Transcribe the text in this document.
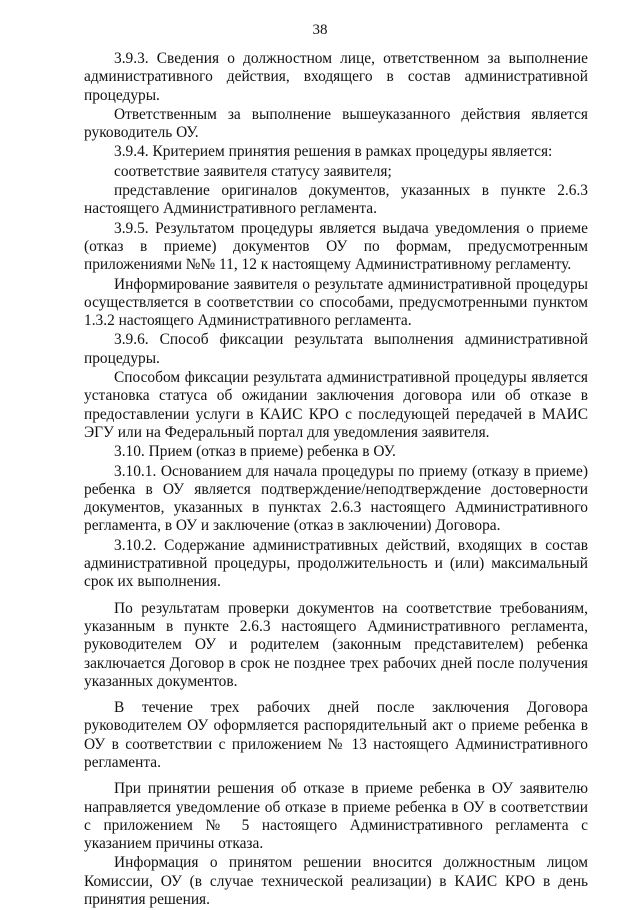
38

3.9.3. Сведения о должностном лице, ответственном за выполнение административного действия, входящего в состав административной процедуры.

Ответственным за выполнение вышеуказанного действия является руководитель ОУ.

3.9.4. Критерием принятия решения в рамках процедуры является:

соответствие заявителя статусу заявителя;

представление оригиналов документов, указанных в пункте 2.6.3 настоящего Административного регламента.

3.9.5. Результатом процедуры является выдача уведомления о приеме (отказ в приеме) документов ОУ по формам, предусмотренным приложениями №№ 11, 12 к настоящему Административному регламенту.

Информирование заявителя о результате административной процедуры осуществляется в соответствии со способами, предусмотренными пунктом 1.3.2 настоящего Административного регламента.

3.9.6. Способ фиксации результата выполнения административной процедуры.

Способом фиксации результата административной процедуры является установка статуса об ожидании заключения договора или об отказе в предоставлении услуги в КАИС КРО с последующей передачей в МАИС ЭГУ или на Федеральный портал для уведомления заявителя.

3.10. Прием (отказ в приеме) ребенка в ОУ.

3.10.1. Основанием для начала процедуры по приему (отказу в приеме) ребенка в ОУ является подтверждение/неподтверждение достоверности документов, указанных в пунктах 2.6.3 настоящего Административного регламента, в ОУ и заключение (отказ в заключении) Договора.

3.10.2. Содержание административных действий, входящих в состав административной процедуры, продолжительность и (или) максимальный срок их выполнения.

По результатам проверки документов на соответствие требованиям, указанным в пункте 2.6.3 настоящего Административного регламента, руководителем ОУ и родителем (законным представителем) ребенка заключается Договор в срок не позднее трех рабочих дней после получения указанных документов.

В течение трех рабочих дней после заключения Договора руководителем ОУ оформляется распорядительный акт о приеме ребенка в ОУ в соответствии с приложением № 13 настоящего Административного регламента.

При принятии решения об отказе в приеме ребенка в ОУ заявителю направляется уведомление об отказе в приеме ребенка в ОУ в соответствии с приложением № 5 настоящего Административного регламента с указанием причины отказа.

Информация о принятом решении вносится должностным лицом Комиссии, ОУ (в случае технической реализации) в КАИС КРО в день принятия решения.
